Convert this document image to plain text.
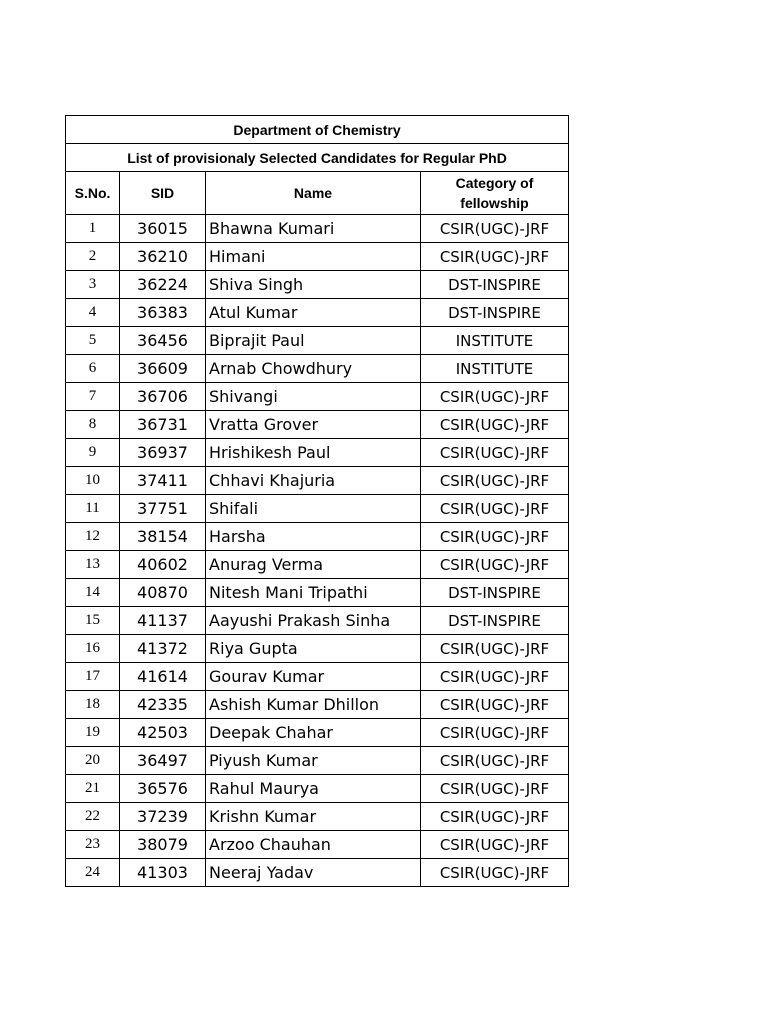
Department of Chemistry			
List of provisionaly Selected Candidates for Regular PhD			
S.No.	SID	Name	Category of fellowship

1	36015	Bhawna Kumari	CSIR(UGC)-JRF
2	36210	Himani	CSIR(UGC)-JRF
3	36224	Shiva Singh	DST-INSPIRE
4	36383	Atul Kumar	DST-INSPIRE
5	36456	Biprajit Paul	INSTITUTE
6	36609	Arnab Chowdhury	INSTITUTE
7	36706	Shivangi	CSIR(UGC)-JRF
8	36731	Vratta Grover	CSIR(UGC)-JRF
9	36937	Hrishikesh Paul	CSIR(UGC)-JRF
10	37411	Chhavi Khajuria	CSIR(UGC)-JRF
11	37751	Shifali	CSIR(UGC)-JRF
12	38154	Harsha	CSIR(UGC)-JRF
13	40602	Anurag Verma	CSIR(UGC)-JRF
14	40870	Nitesh Mani Tripathi	DST-INSPIRE
15	41137	Aayushi Prakash Sinha	DST-INSPIRE
16	41372	Riya Gupta	CSIR(UGC)-JRF
17	41614	Gourav Kumar	CSIR(UGC)-JRF
18	42335	Ashish Kumar Dhillon	CSIR(UGC)-JRF
19	42503	Deepak Chahar	CSIR(UGC)-JRF
20	36497	Piyush Kumar	CSIR(UGC)-JRF
21	36576	Rahul Maurya	CSIR(UGC)-JRF
22	37239	Krishn Kumar	CSIR(UGC)-JRF
23	38079	Arzoo Chauhan	CSIR(UGC)-JRF
24	41303	Neeraj Yadav	CSIR(UGC)-JRF
